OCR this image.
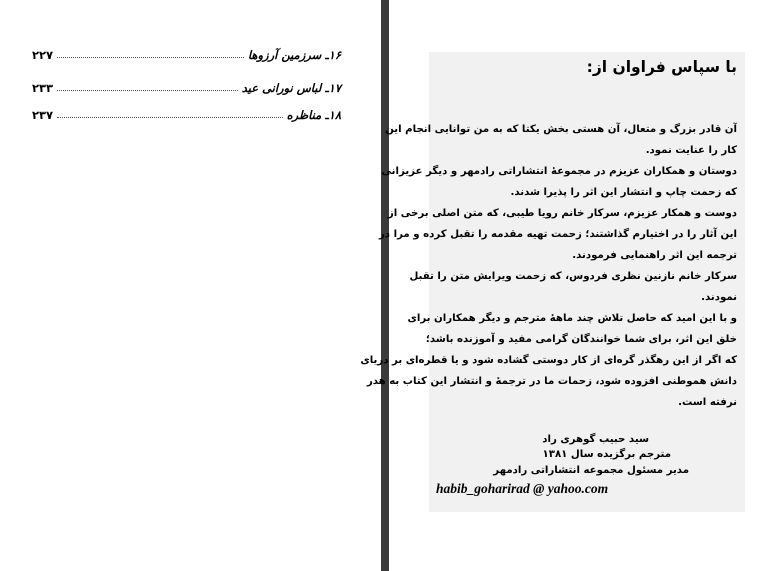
۱۶ـ سرزمین آرزوها
۲۲۷
۱۷ـ لباس نورانی عید
۲۳۳
۱۸ـ مناظره
۲۳۷
با سپاس فراوان از:
آن قادر بزرگ و متعال، آن هستی بخش یکتا که به من توانایی انجام این
کار را عنایت نمود.
دوستان و همکاران عزیزم در مجموعهٔ انتشاراتی رادمهر و دیگر عزیزانی
که زحمت چاپ و انتشار این اثر را پذیرا شدند.
دوست و همکار عزیزم، سرکار خانم رویا طیبی، که متن اصلی برخی از
این آثار را در اختیارم گذاشتند؛ زحمت تهیه مقدمه را تقبل کرده و مرا در
ترجمه این اثر راهنمایی فرمودند.
سرکار خانم نازنین نظری فردوس، که زحمت ویرایش متن را تقبل
نمودند.
و با این امید که حاصل تلاش چند ماههٔ مترجم و دیگر همکاران برای
خلق این اثر، برای شما خوانندگان گرامی مفید و آموزنده باشد؛
که اگر از این رهگذر گره‌ای از کار دوستی گشاده شود و یا قطره‌ای بر دریای
دانش هموطنی افزوده شود، زحمات ما در ترجمهٔ و انتشار این کتاب به هدر
نرفته است.
سید حبیب گوهری راد
مترجم برگزیده سال ۱۳۸۱
مدیر مسئول مجموعه انتشاراتی رادمهر
habib_goharirad @ yahoo.com
